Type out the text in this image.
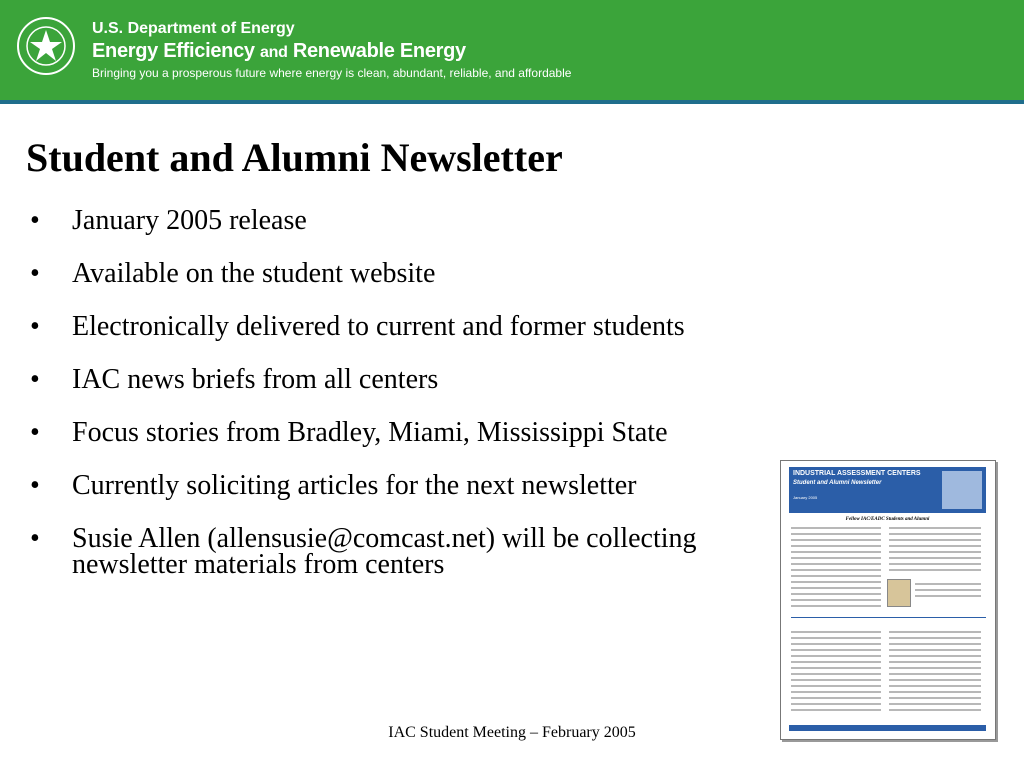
U.S. Department of Energy
Energy Efficiency and Renewable Energy
Bringing you a prosperous future where energy is clean, abundant, reliable, and affordable
Student and Alumni Newsletter
• January 2005 release
• Available on the student website
• Electronically delivered to current and former students
• IAC news briefs from all centers
• Focus stories from Bradley, Miami, Mississippi State
• Currently soliciting articles for the next newsletter
• Susie Allen (allensusie@comcast.net) will be collecting newsletter materials from centers
INDUSTRIAL ASSESSMENT CENTERS
Student and Alumni Newsletter
January 2005
Fellow IAC/EADC Students and Alumni
IAC Student Meeting – February 2005
